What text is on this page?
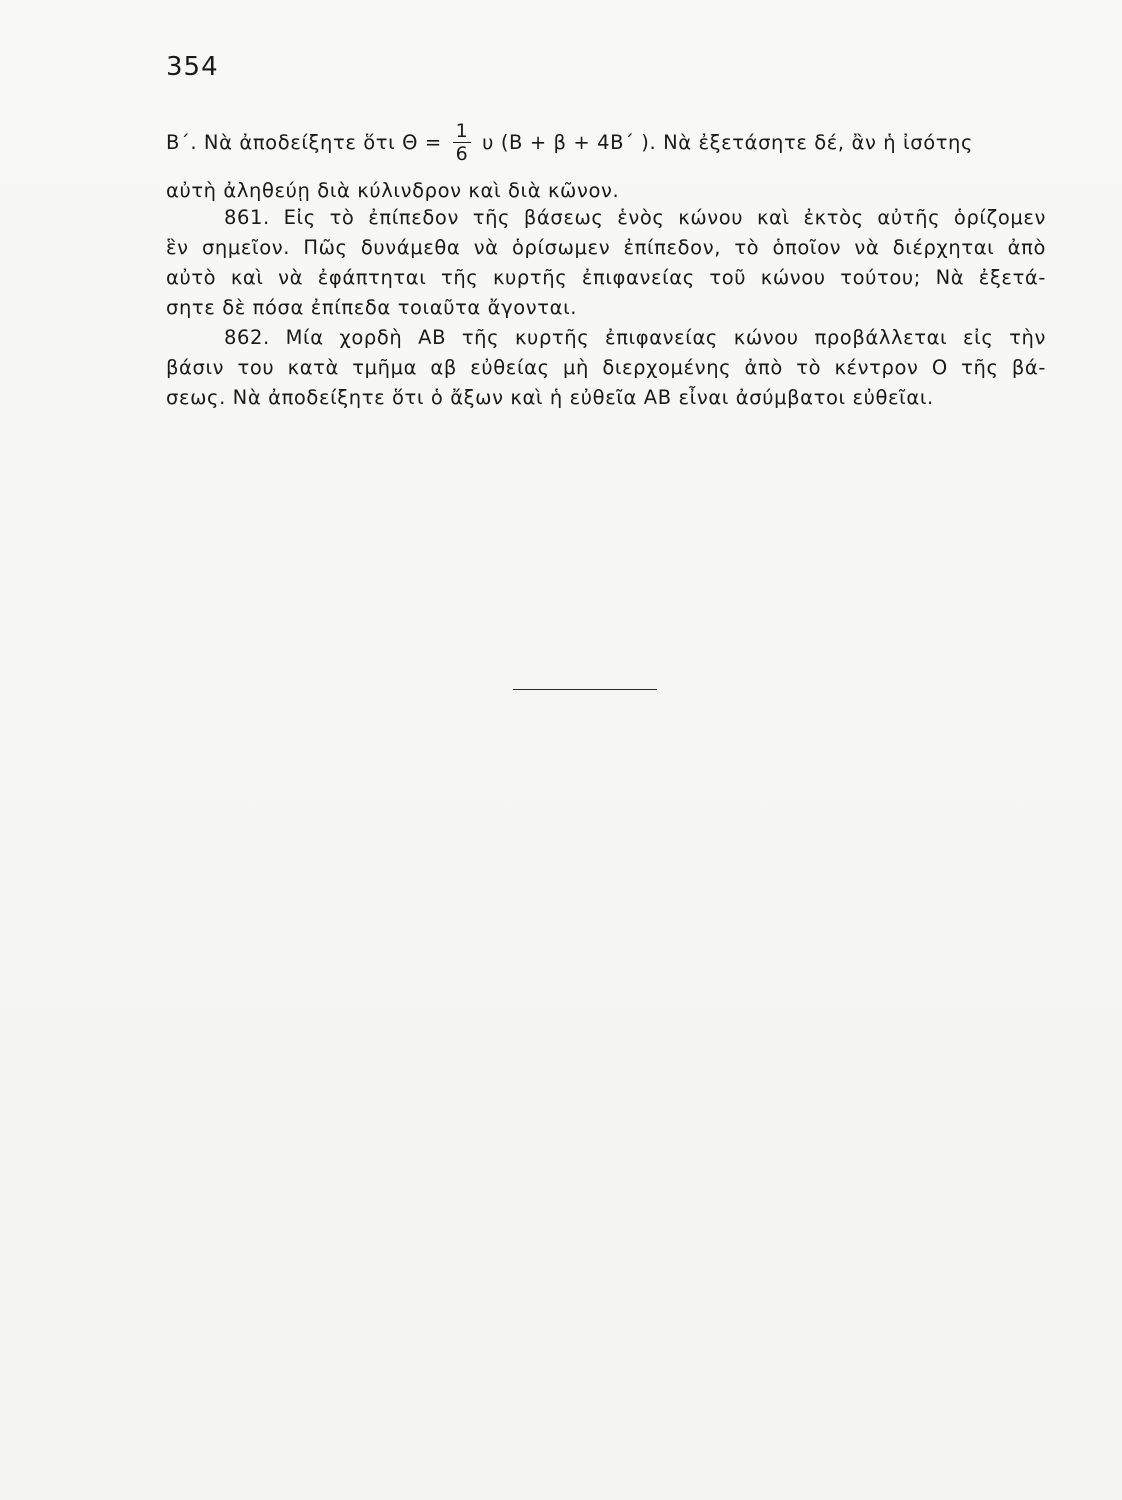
354
Β΄. Νὰ ἀποδείξητε ὅτι $\Theta = \frac{1}{6}$ υ (Β + β + 4Β΄ ). Νὰ ἐξετάσητε δέ, ἂν ἡ ἰσότης
αὐτὴ ἀληθεύῃ διὰ κύλινδρον καὶ διὰ κῶνον.
861. Εἰς τὸ ἐπίπεδον τῆς βάσεως ἑνὸς κώνου καὶ ἐκτὸς αὐτῆς ὁρίζομεν
ἓν σημεῖον. Πῶς δυνάμεθα νὰ ὁρίσωμεν ἐπίπεδον, τὸ ὁποῖον νὰ διέρχηται ἀπὸ
αὐτὸ καὶ νὰ ἐφάπτηται τῆς κυρτῆς ἐπιφανείας τοῦ κώνου τούτου; Νὰ ἐξετά-
σητε δὲ πόσα ἐπίπεδα τοιαῦτα ἄγονται.
862. Μία χορδὴ ΑΒ τῆς κυρτῆς ἐπιφανείας κώνου προβάλλεται εἰς τὴν
βάσιν του κατὰ τμῆμα αβ εὐθείας μὴ διερχομένης ἀπὸ τὸ κέντρον Ο τῆς βά-
σεως. Νὰ ἀποδείξητε ὅτι ὁ ἄξων καὶ ἡ εὐθεῖα ΑΒ εἶναι ἀσύμβατοι εὐθεῖαι.
